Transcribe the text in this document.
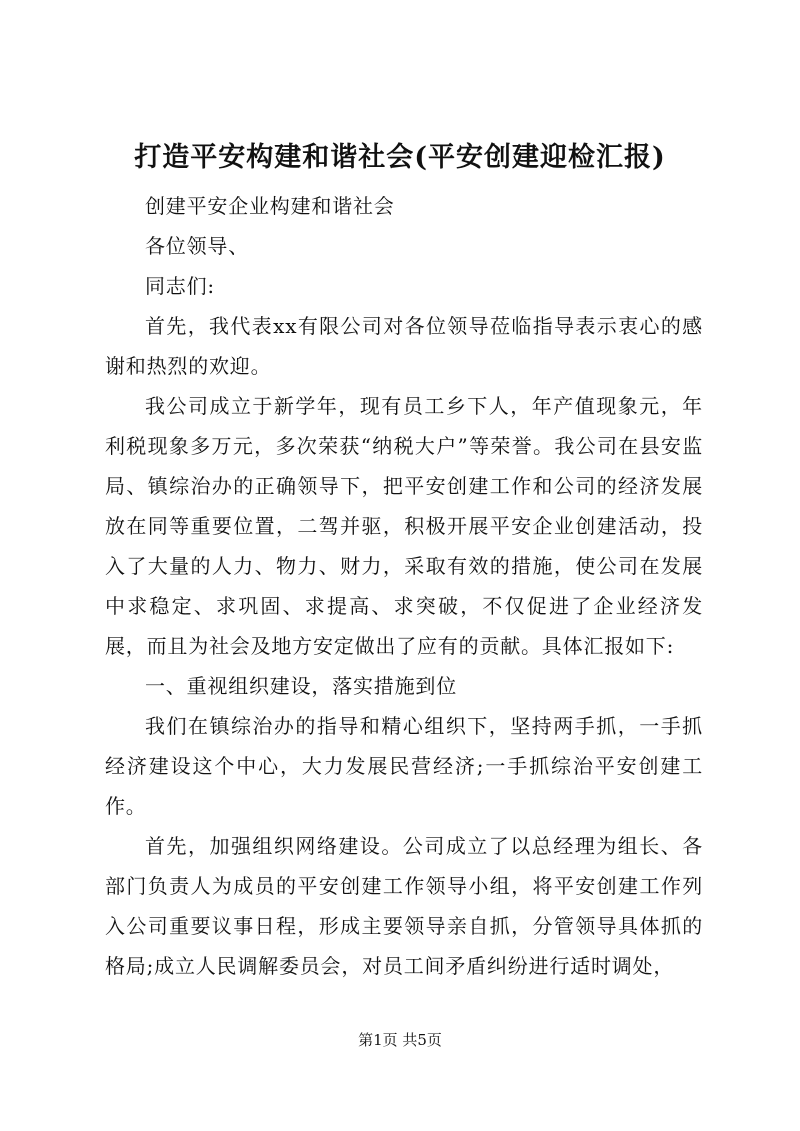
打造平安构建和谐社会(平安创建迎检汇报)

创建平安企业构建和谐社会

各位领导、

同志们:

首先，我代表xx有限公司对各位领导莅临指导表示衷心的感谢和热烈的欢迎。

我公司成立于新学年，现有员工乡下人，年产值现象元，年利税现象多万元，多次荣获“纳税大户”等荣誉。我公司在县安监局、镇综治办的正确领导下，把平安创建工作和公司的经济发展放在同等重要位置，二驾并驱，积极开展平安企业创建活动，投入了大量的人力、物力、财力，采取有效的措施，使公司在发展中求稳定、求巩固、求提高、求突破，不仅促进了企业经济发展，而且为社会及地方安定做出了应有的贡献。具体汇报如下:

一、重视组织建设，落实措施到位

我们在镇综治办的指导和精心组织下，坚持两手抓，一手抓经济建设这个中心，大力发展民营经济;一手抓综治平安创建工作。

首先，加强组织网络建设。公司成立了以总经理为组长、各部门负责人为成员的平安创建工作领导小组，将平安创建工作列入公司重要议事日程，形成主要领导亲自抓，分管领导具体抓的格局;成立人民调解委员会，对员工间矛盾纠纷进行适时调处，

第1页 共5页
